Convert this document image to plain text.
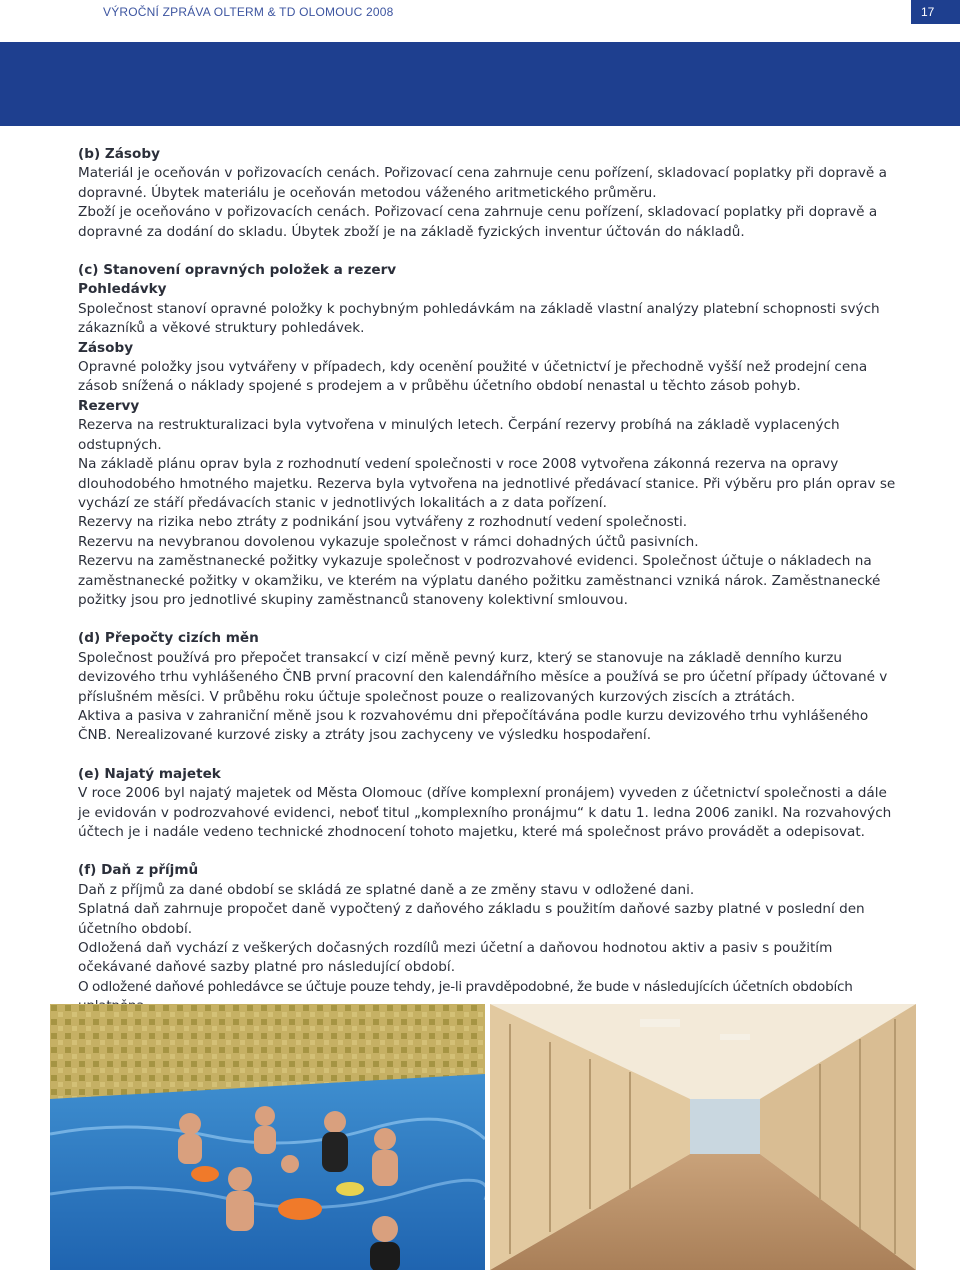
VÝROČNÍ ZPRÁVA OLTERM & TD OLOMOUC 2008	17

(b) Zásoby

Materiál je oceňován v pořizovacích cenách. Pořizovací cena zahrnuje cenu pořízení, skladovací poplatky při dopravě a dopravné. Úbytek materiálu je oceňován metodou váženého aritmetického průměru.

Zboží je oceňováno v pořizovacích cenách. Pořizovací cena zahrnuje cenu pořízení, skladovací poplatky při dopravě a dopravné za dodání do skladu. Úbytek zboží je na základě fyzických inventur účtován do nákladů.

(c) Stanovení opravných položek a rezerv

Pohledávky

Společnost stanoví opravné položky k pochybným pohledávkám na základě vlastní analýzy platební schopnosti svých zákazníků a věkové struktury pohledávek.

Zásoby

Opravné položky jsou vytvářeny v případech, kdy ocenění použité v účetnictví je přechodně vyšší než prodejní cena zásob snížená o náklady spojené s prodejem a v průběhu účetního období nenastal u těchto zásob pohyb.

Rezervy

Rezerva na restrukturalizaci byla vytvořena v minulých letech. Čerpání rezervy probíhá na základě vyplacených odstupných.

Na základě plánu oprav byla z rozhodnutí vedení společnosti v roce 2008 vytvořena zákonná rezerva na opravy dlouhodobého hmotného majetku. Rezerva byla vytvořena na jednotlivé předávací stanice. Při výběru pro plán oprav se vychází ze stáří předávacích stanic v jednotlivých lokalitách a z data pořízení.

Rezervy na rizika nebo ztráty z podnikání jsou vytvářeny z rozhodnutí vedení společnosti.

Rezervu na nevybranou dovolenou vykazuje společnost v rámci dohadných účtů pasivních.

Rezervu na zaměstnanecké požitky vykazuje společnost v podrozvahové evidenci. Společnost účtuje o nákladech na zaměstnanecké požitky v okamžiku, ve kterém na výplatu daného požitku zaměstnanci vzniká nárok. Zaměstnanecké požitky jsou pro jednotlivé skupiny zaměstnanců stanoveny kolektivní smlouvou.

(d) Přepočty cizích měn

Společnost používá pro přepočet transakcí v cizí měně pevný kurz, který se stanovuje na základě denního kurzu devizového trhu vyhlášeného ČNB první pracovní den kalendářního měsíce a používá se pro účetní případy účtované v příslušném měsíci. V průběhu roku účtuje společnost pouze o realizovaných kurzových ziscích a ztrátách.

Aktiva a pasiva v zahraniční měně jsou k rozvahovému dni přepočítávána podle kurzu devizového trhu vyhlášeného ČNB. Nerealizované kurzové zisky a ztráty jsou zachyceny ve výsledku hospodaření.

(e) Najatý majetek

V roce 2006 byl najatý majetek od Města Olomouc (dříve komplexní pronájem) vyveden z účetnictví společnosti a dále je evidován v podrozvahové evidenci, neboť titul „komplexního pronájmu“ k datu 1. ledna 2006 zanikl. Na rozvahových účtech je i nadále vedeno technické zhodnocení tohoto majetku, které má společnost právo provádět a odepisovat.

(f) Daň z příjmů

Daň z příjmů za dané období se skládá ze splatné daně a ze změny stavu v odložené dani.

Splatná daň zahrnuje propočet daně vypočtený z daňového základu s použitím daňové sazby platné v poslední den účetního období.

Odložená daň vychází z veškerých dočasných rozdílů mezi účetní a daňovou hodnotou aktiv a pasiv s použitím očekávané daňové sazby platné pro následující období.

O odložené daňové pohledávce se účtuje pouze tehdy, je-li pravděpodobné, že bude v následujících účetních obdobích
